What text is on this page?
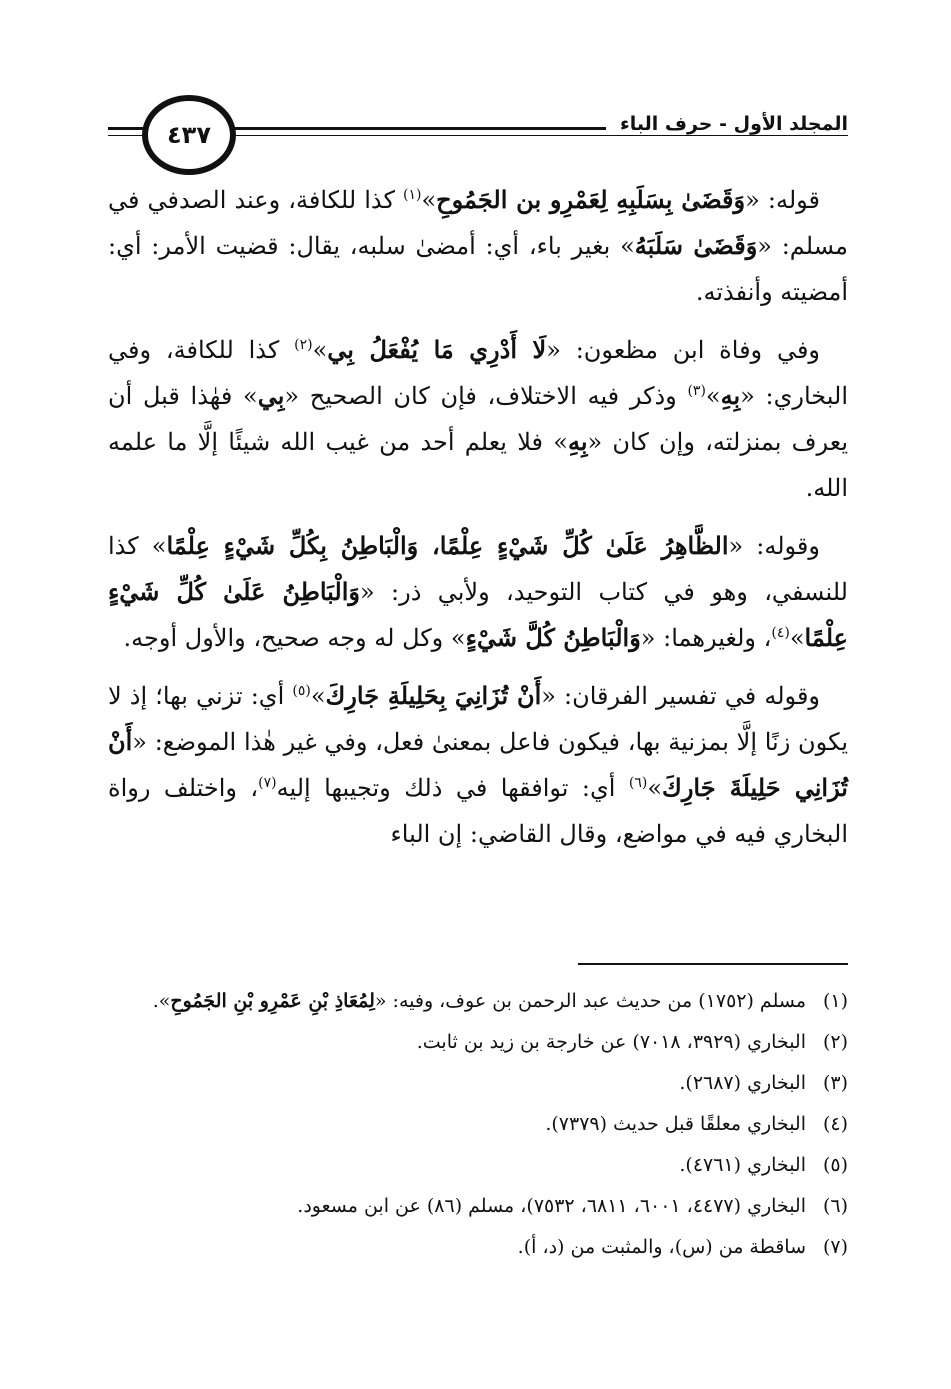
المجلد الأول - حرف الباء
٤٣٧

قوله: «وَقَضَىٰ بِسَلَبِهِ لِعَمْرِو بن الجَمُوحِ»$^{(١)}$ كذا للكافة، وعند الصدفي في مسلم: «وَقَضَىٰ سَلَبَهُ» بغير باء، أي: أمضىٰ سلبه، يقال: قضيت الأمر: أي: أمضيته وأنفذته.

وفي وفاة ابن مظعون: «لَا أَدْرِي مَا يُفْعَلُ بِي»$^{(٢)}$ كذا للكافة، وفي البخاري: «بِهِ»$^{(٣)}$ وذكر فيه الاختلاف، فإن كان الصحيح «بِي» فهٰذا قبل أن يعرف بمنزلته، وإن كان «بِهِ» فلا يعلم أحد من غيب الله شيئًا إلَّا ما علمه الله.

وقوله: «الظَّاهِرُ عَلَىٰ كُلِّ شَيْءٍ عِلْمًا، وَالْبَاطِنُ بِكُلِّ شَيْءٍ عِلْمًا» كذا للنسفي، وهو في كتاب التوحيد، ولأبي ذر: «وَالْبَاطِنُ عَلَىٰ كُلِّ شَيْءٍ عِلْمًا»$^{(٤)}$، ولغيرهما: «وَالْبَاطِنُ كُلَّ شَيْءٍ» وكل له وجه صحيح، والأول أوجه.

وقوله في تفسير الفرقان: «أَنْ تُزَانِيَ بِحَلِيلَةِ جَارِكَ»$^{(٥)}$ أي: تزني بها؛ إذ لا يكون زنًا إلَّا بمزنية بها، فيكون فاعل بمعنىٰ فعل، وفي غير هٰذا الموضع: «أَنْ تُزَانِي حَلِيلَةَ جَارِكَ»$^{(٦)}$ أي: توافقها في ذلك وتجيبها إليه$^{(٧)}$، واختلف رواة البخاري فيه في مواضع، وقال القاضي: إن الباء

(١)
مسلم (١٧٥٢) من حديث عبد الرحمن بن عوف، وفيه: «لِمُعَاذِ بْنِ عَمْرِو بْنِ الجَمُوحِ».
(٢)
البخاري (٣٩٢٩، ٧٠١٨) عن خارجة بن زيد بن ثابت.
(٣)
البخاري (٢٦٨٧).
(٤)
البخاري معلقًا قبل حديث (٧٣٧٩).
(٥)
البخاري (٤٧٦١).
(٦)
البخاري (٤٤٧٧، ٦٠٠١، ٦٨١١، ٧٥٣٢)، مسلم (٨٦) عن ابن مسعود.
(٧)
ساقطة من (س)، والمثبت من (د، أ).
